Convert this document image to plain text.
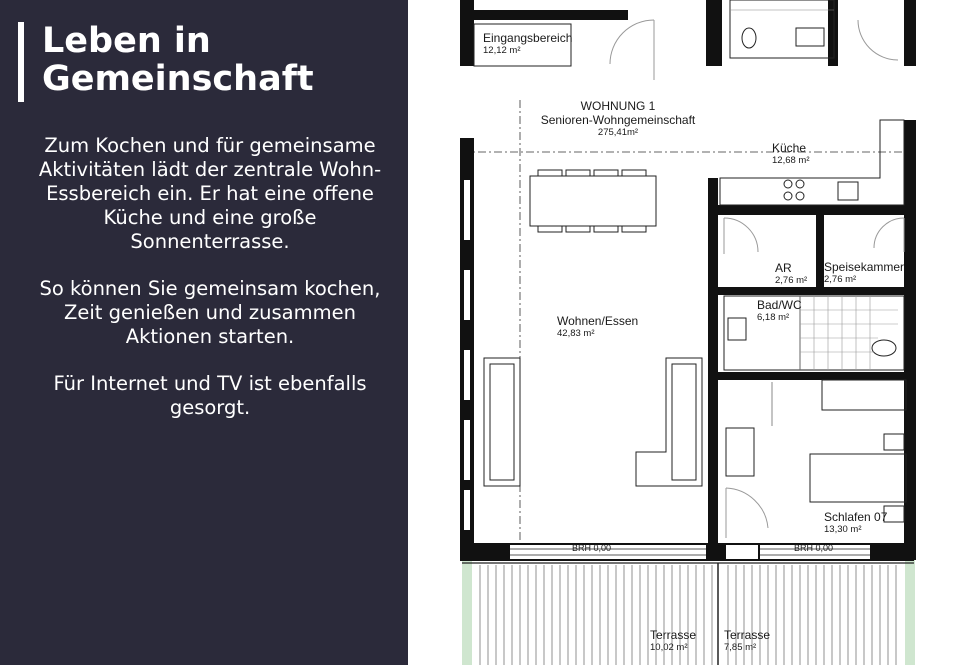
Leben in
Gemeinschaft

Zum Kochen und für gemeinsame Aktivitäten lädt der zentrale Wohn-Essbereich ein. Er hat eine offene Küche und eine große Sonnenterrasse.

So können Sie gemeinsam kochen, Zeit genießen und zusammen Aktionen starten.

Für Internet und TV ist ebenfalls gesorgt.

Eingangsbereich
12,12 m²
WOHNUNG 1
Senioren-Wohngemeinschaft
275,41m²
Küche
12,68 m²
AR
2,76 m²
Speisekammer
2,76 m²
Bad/WC
6,18 m²
Wohnen/Essen
42,83 m²
Schlafen 07
13,30 m²
Terrasse
10,02 m²
Terrasse
7,85 m²
BRH 0,00	BRH 0,00
